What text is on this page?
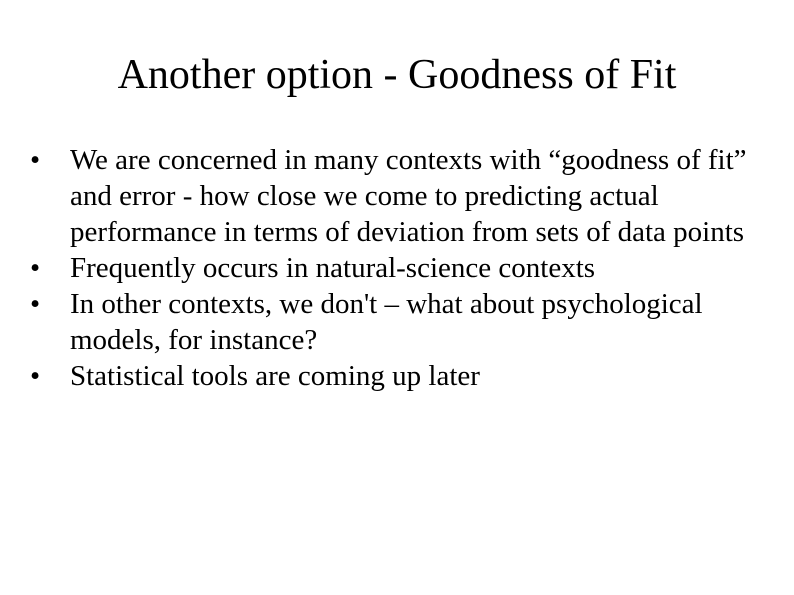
Another option - Goodness of Fit
•	We are concerned in many contexts with “goodness of fit” and error - how close we come to predicting actual performance in terms of deviation from sets of data points
•	Frequently occurs in natural-science contexts
•	In other contexts, we don't – what about psychological models, for instance?
•	Statistical tools are coming up later
